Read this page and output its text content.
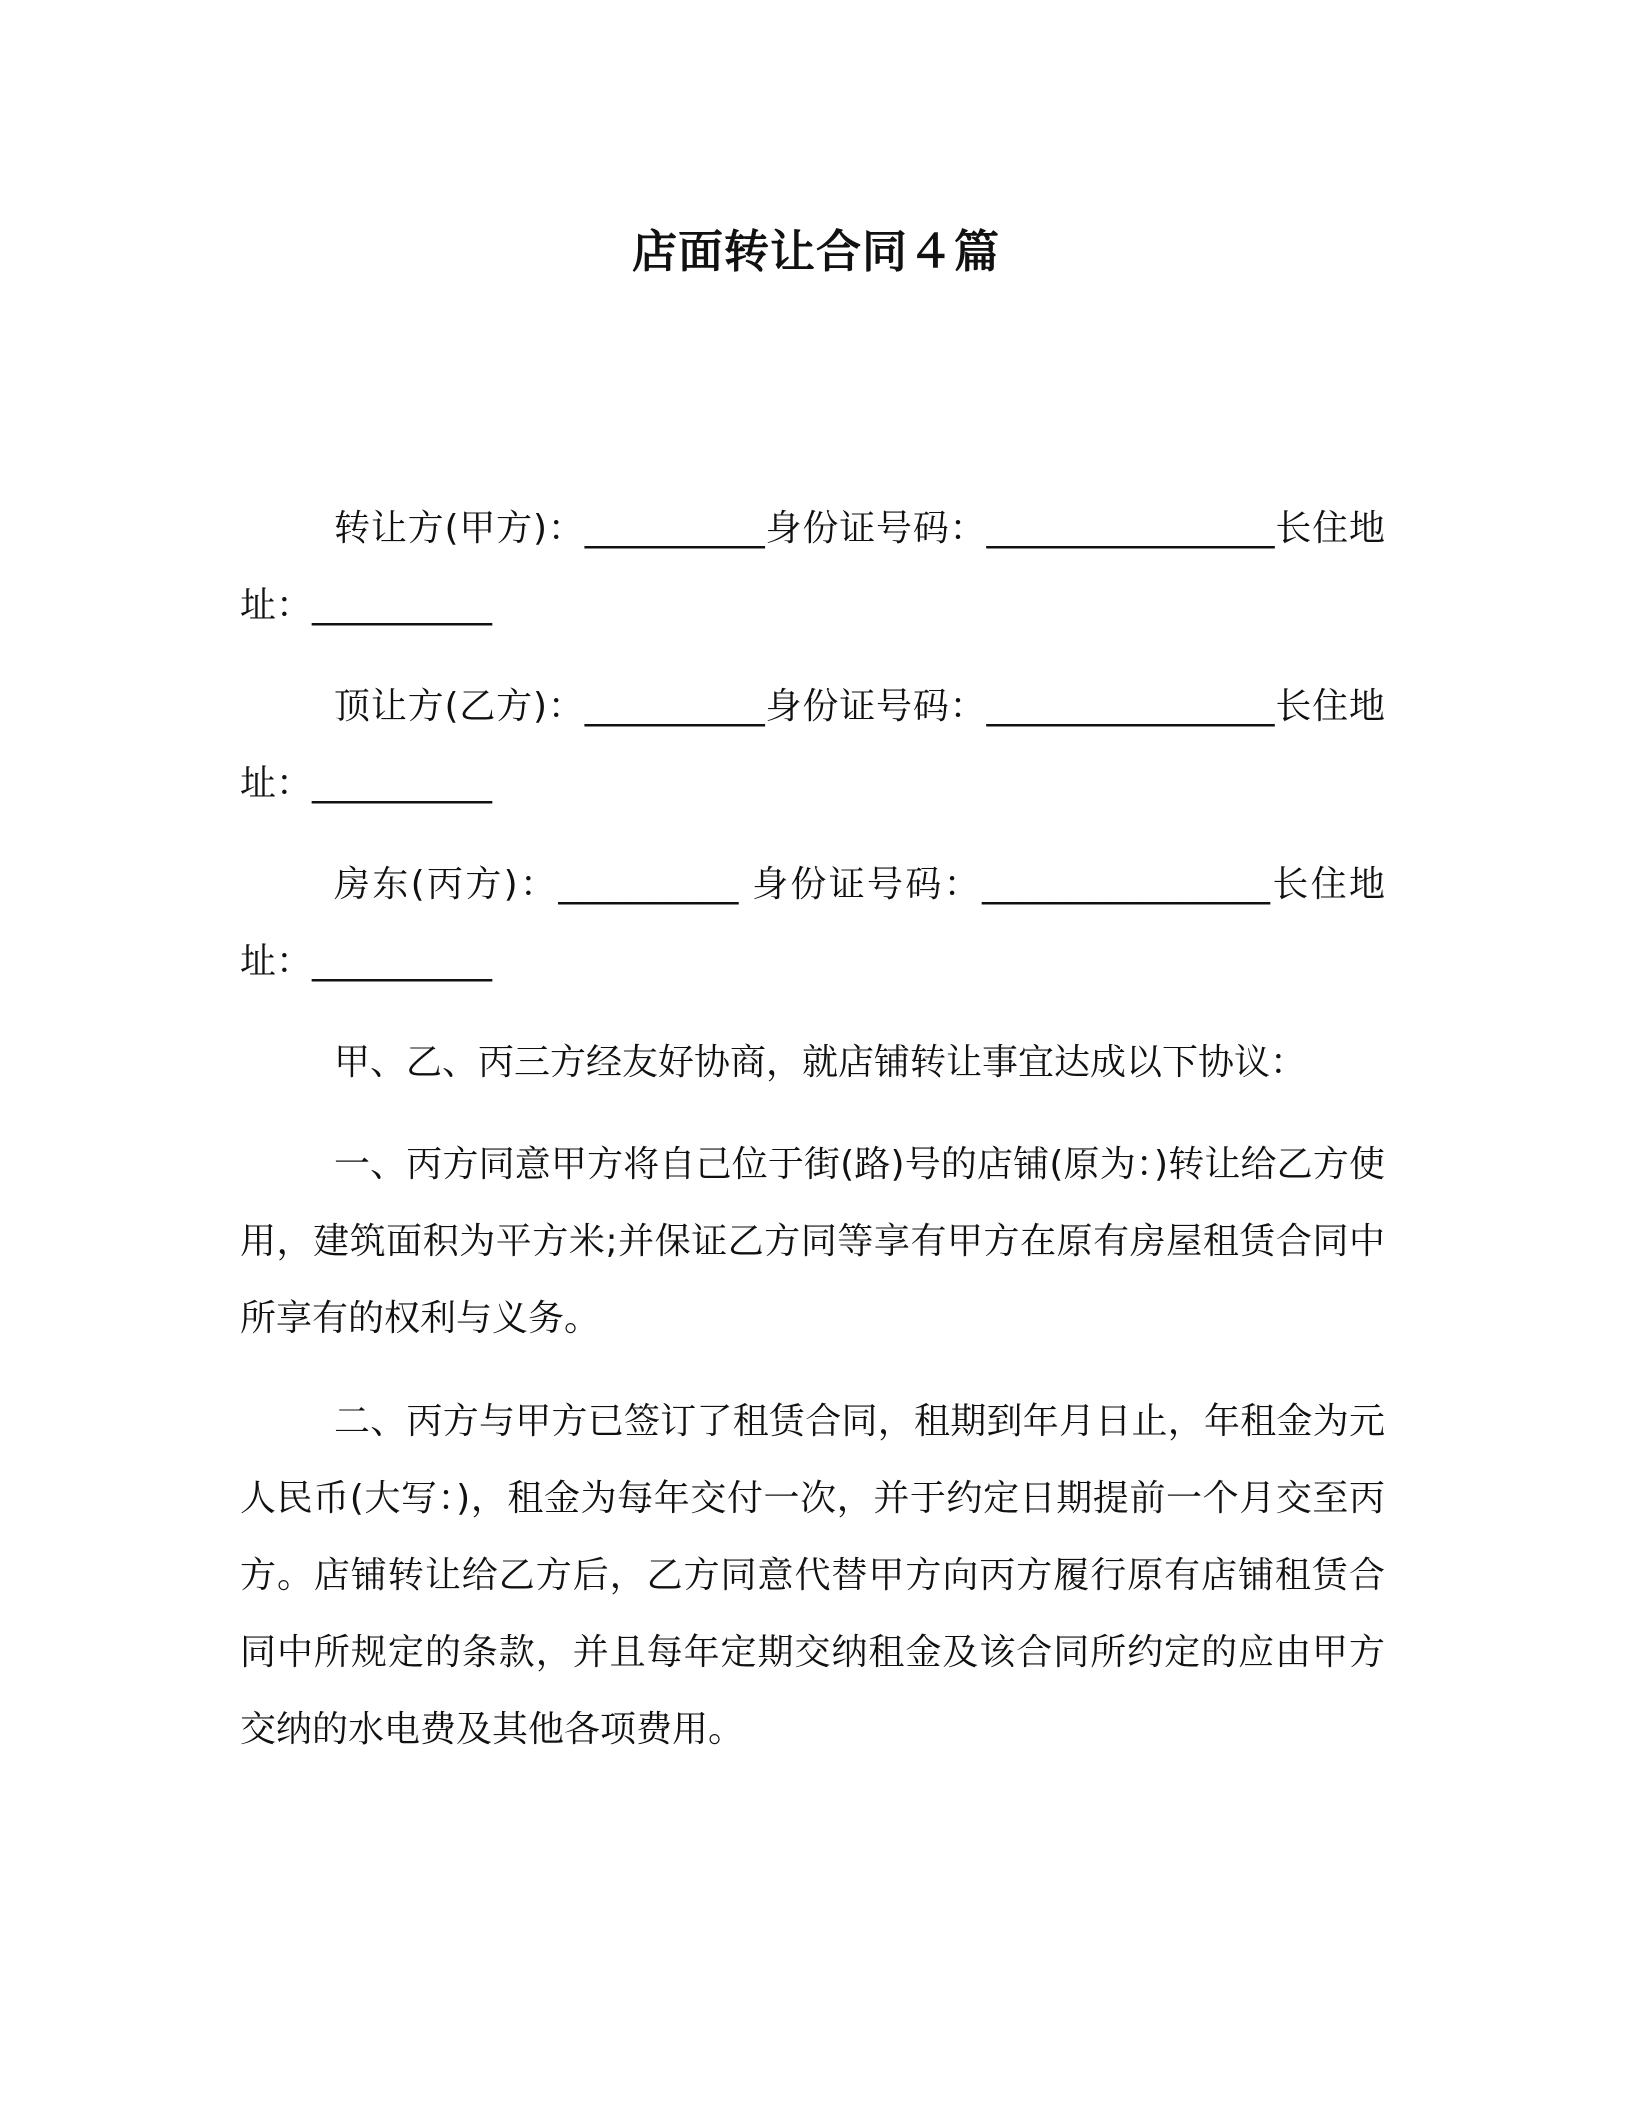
店面转让合同４篇

转让方(甲方)：__________身份证号码：________________长住地址：__________

顶让方(乙方)：__________身份证号码：________________长住地址：__________

房东(丙方)：__________ 身份证号码：________________长住地址：__________

甲、乙、丙三方经友好协商，就店铺转让事宜达成以下协议：

一、丙方同意甲方将自己位于街(路)号的店铺(原为：)转让给乙方使用，建筑面积为平方米;并保证乙方同等享有甲方在原有房屋租赁合同中所享有的权利与义务。

二、丙方与甲方已签订了租赁合同，租期到年月日止，年租金为元人民币(大写：)，租金为每年交付一次，并于约定日期提前一个月交至丙方。店铺转让给乙方后，乙方同意代替甲方向丙方履行原有店铺租赁合同中所规定的条款，并且每年定期交纳租金及该合同所约定的应由甲方交纳的水电费及其他各项费用。
